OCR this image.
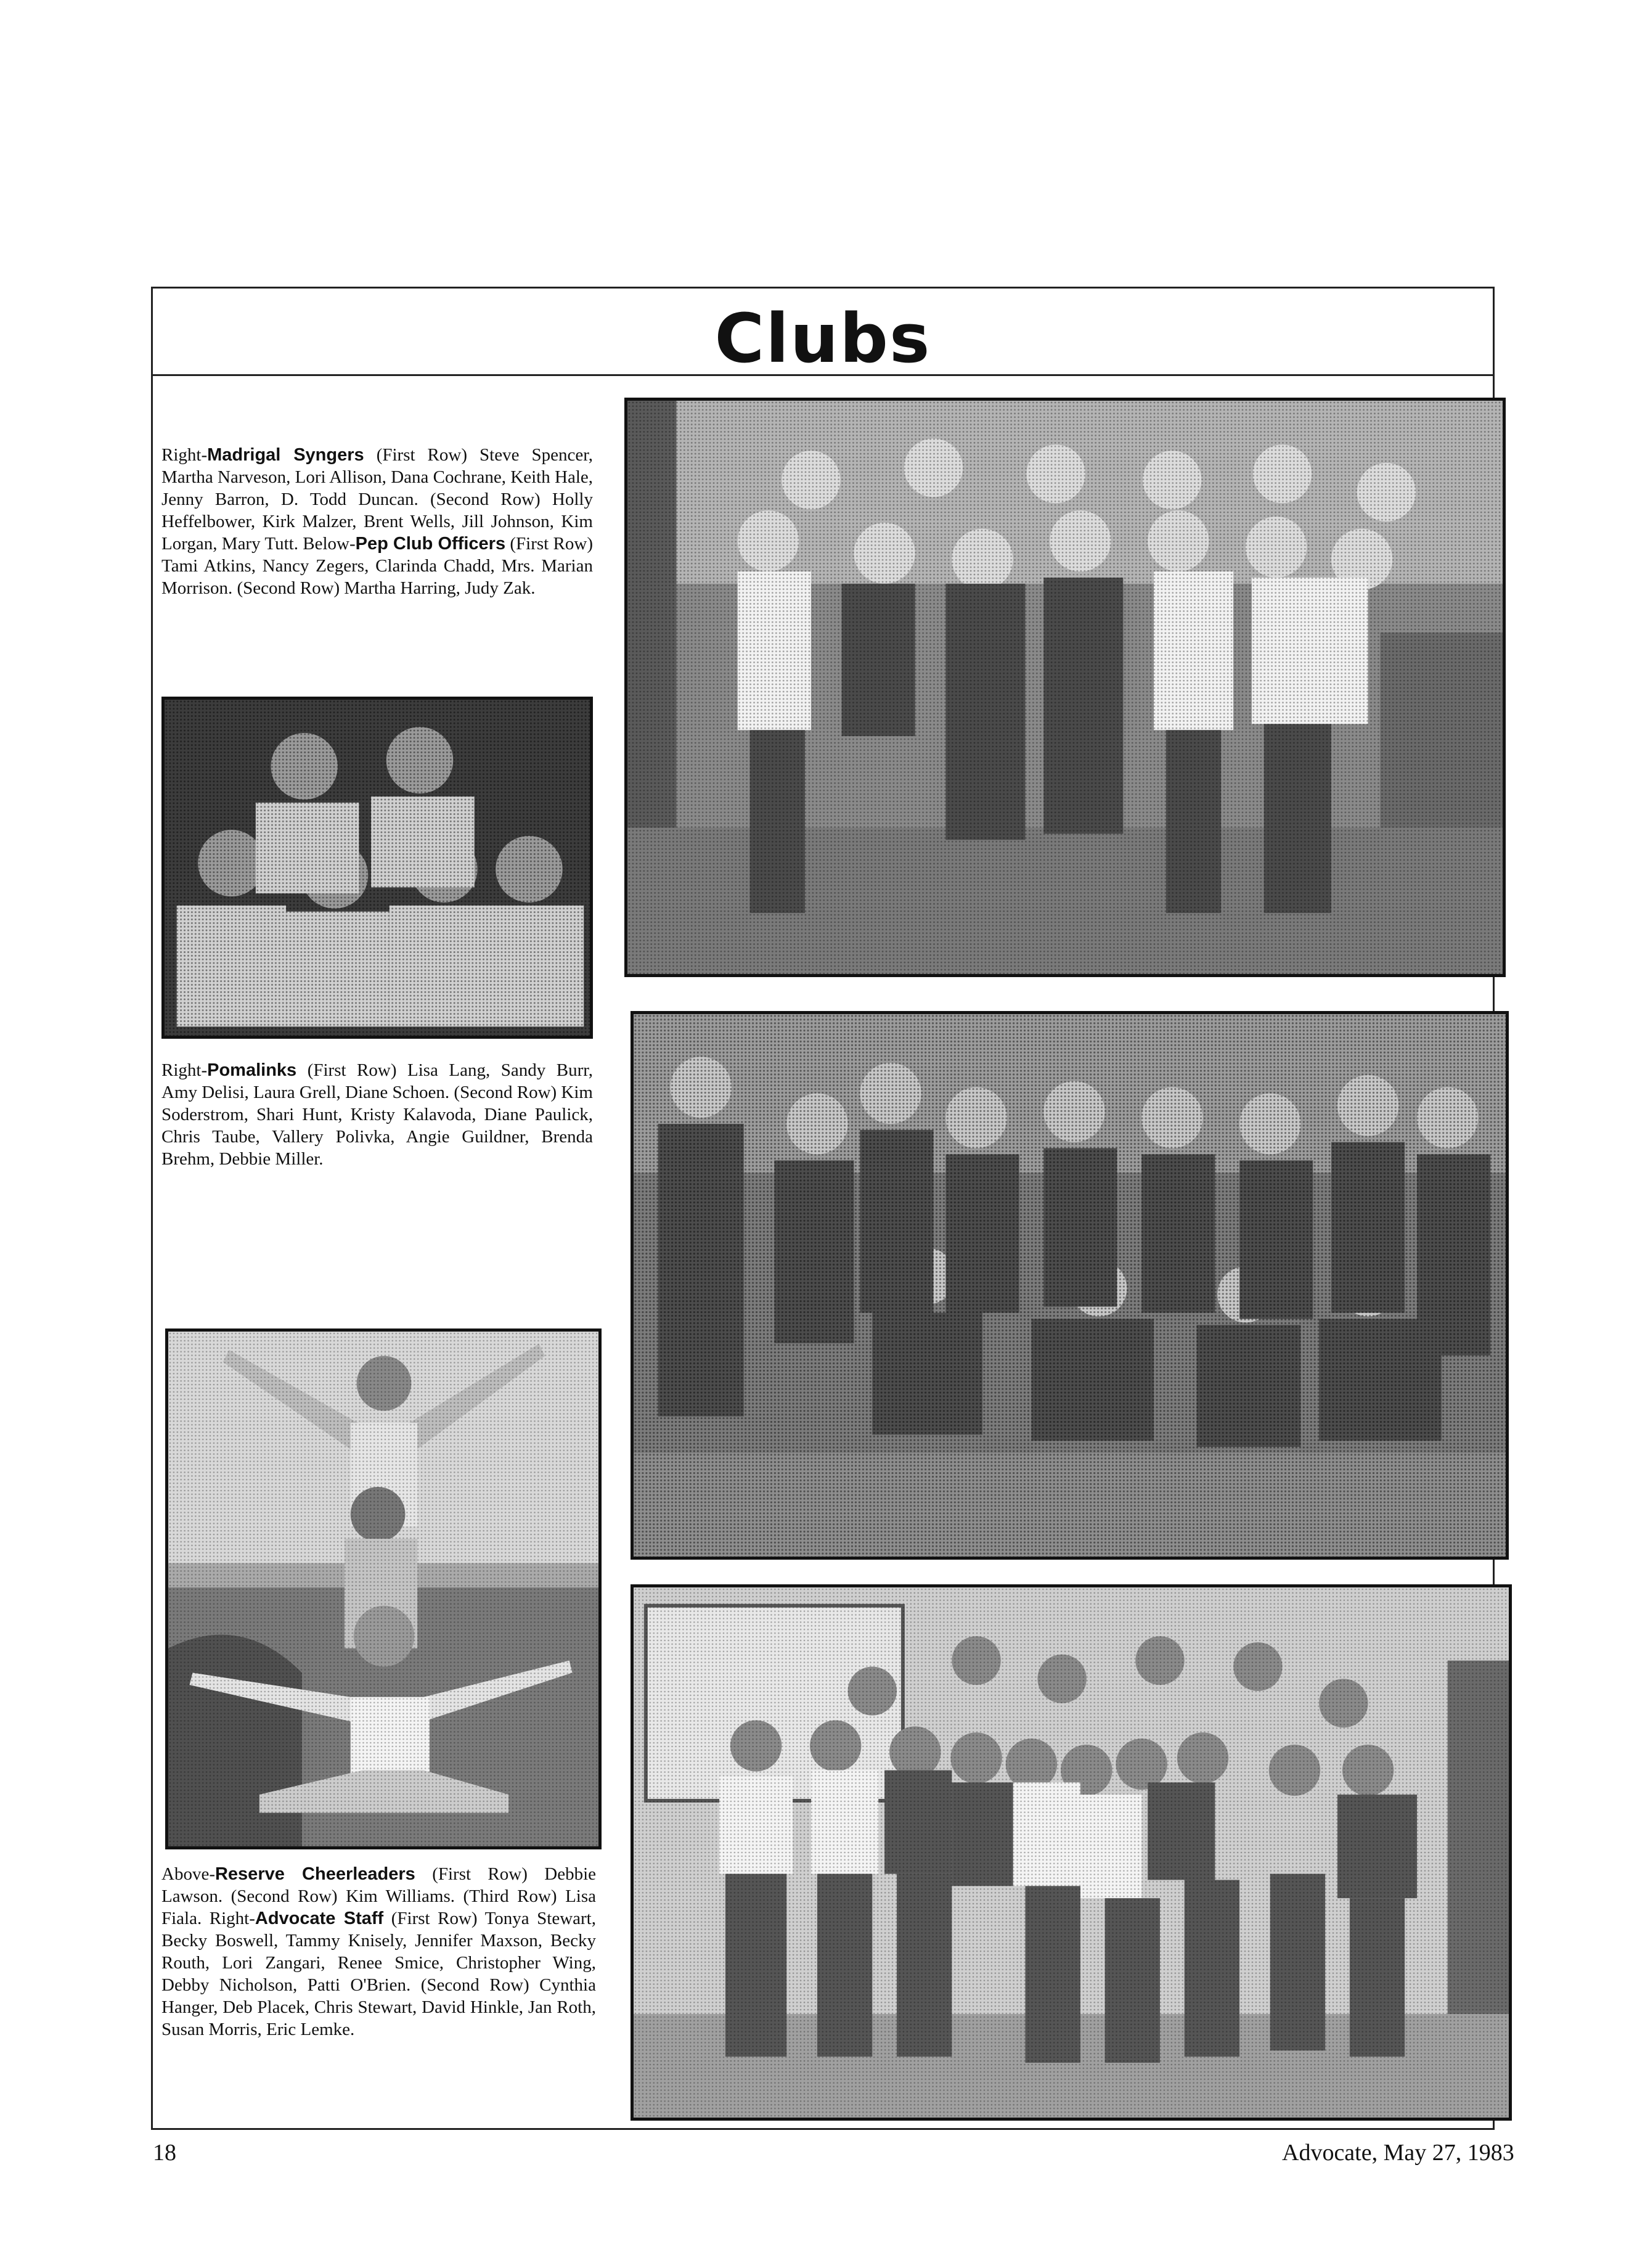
Clubs
Right-Madrigal Syngers (First Row) Steve Spencer, Martha Narveson, Lori Allison, Dana Cochrane, Keith Hale, Jenny Barron, D. Todd Duncan. (Second Row) Holly Heffelbower, Kirk Malzer, Brent Wells, Jill Johnson, Kim Lorgan, Mary Tutt. Below-Pep Club Officers (First Row) Tami Atkins, Nancy Zegers, Clarinda Chadd, Mrs. Marian Morrison. (Second Row) Martha Harring, Judy Zak.
Right-Pomalinks (First Row) Lisa Lang, Sandy Burr, Amy Delisi, Laura Grell, Diane Schoen. (Second Row) Kim Soderstrom, Shari Hunt, Kristy Kalavoda, Diane Paulick, Chris Taube, Vallery Polivka, Angie Guildner, Brenda Brehm, Debbie Miller.
Above-Reserve Cheerleaders (First Row) Debbie Lawson. (Second Row) Kim Williams. (Third Row) Lisa Fiala. Right-Advocate Staff (First Row) Tonya Stewart, Becky Boswell, Tammy Knisely, Jennifer Maxson, Becky Routh, Lori Zangari, Renee Smice, Christopher Wing, Debby Nicholson, Patti O'Brien. (Second Row) Cynthia Hanger, Deb Placek, Chris Stewart, David Hinkle, Jan Roth, Susan Morris, Eric Lemke.
18	Advocate, May 27, 1983
